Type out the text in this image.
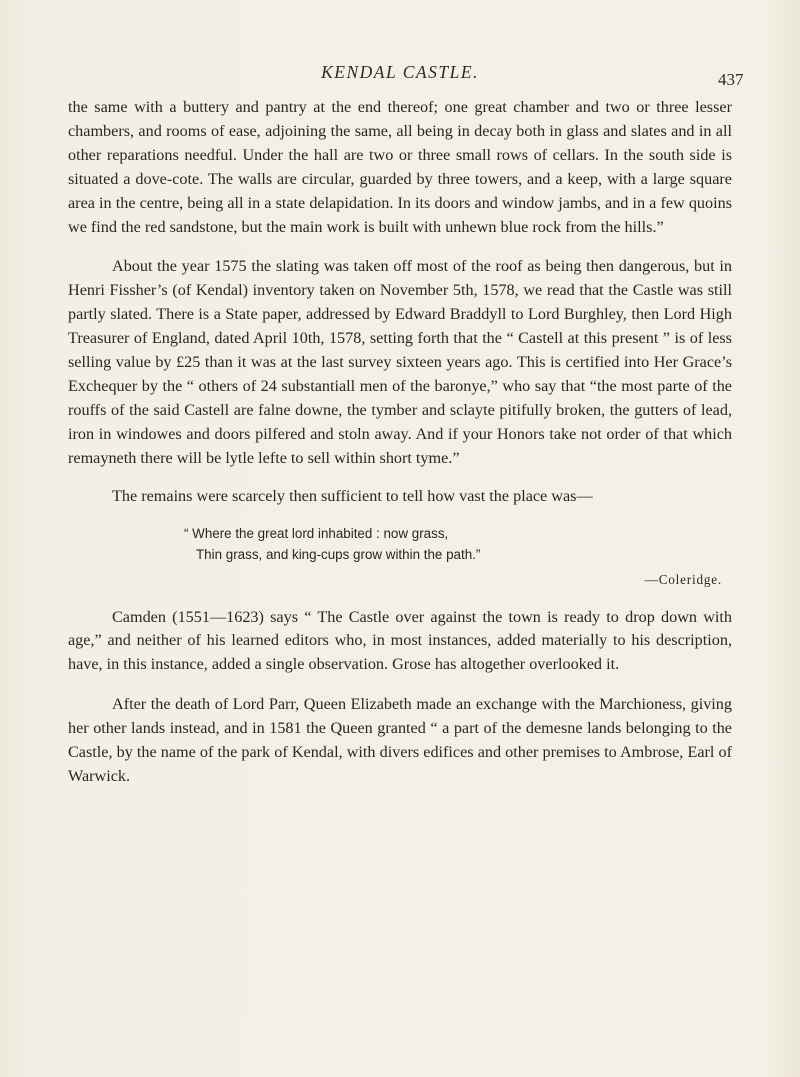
KENDAL CASTLE.	437

the same with a buttery and pantry at the end thereof; one great chamber and two or three lesser chambers, and rooms of ease, adjoining the same, all being in decay both in glass and slates and in all other reparations needful. Under the hall are two or three small rows of cellars. In the south side is situated a dove-cote. The walls are circular, guarded by three towers, and a keep, with a large square area in the centre, being all in a state delapidation. In its doors and window jambs, and in a few quoins we find the red sandstone, but the main work is built with unhewn blue rock from the hills.”

About the year 1575 the slating was taken off most of the roof as being then dangerous, but in Henri Fissher’s (of Kendal) inventory taken on November 5th, 1578, we read that the Castle was still partly slated. There is a State paper, addressed by Edward Braddyll to Lord Burghley, then Lord High Treasurer of England, dated April 10th, 1578, setting forth that the “ Castell at this present ” is of less selling value by £25 than it was at the last survey sixteen years ago. This is certified into Her Grace’s Exchequer by the “ others of 24 substantiall men of the baronye,” who say that “the most parte of the rouffs of the said Castell are falne downe, the tymber and sclayte pitifully broken, the gutters of lead, iron in windowes and doors pilfered and stoln away. And if your Honors take not order of that which remayneth there will be lytle lefte to sell within short tyme.”

The remains were scarcely then sufficient to tell how vast the place was—

“ Where the great lord inhabited : now grass,
Thin grass, and king-cups grow within the path.”
—Coleridge.

Camden (1551—1623) says “ The Castle over against the town is ready to drop down with age,” and neither of his learned editors who, in most instances, added materially to his description, have, in this instance, added a single observation. Grose has altogether overlooked it.

After the death of Lord Parr, Queen Elizabeth made an exchange with the Marchioness, giving her other lands instead, and in 1581 the Queen granted “ a part of the demesne lands belonging to the Castle, by the name of the park of Kendal, with divers edifices and other premises to Ambrose, Earl of Warwick.
